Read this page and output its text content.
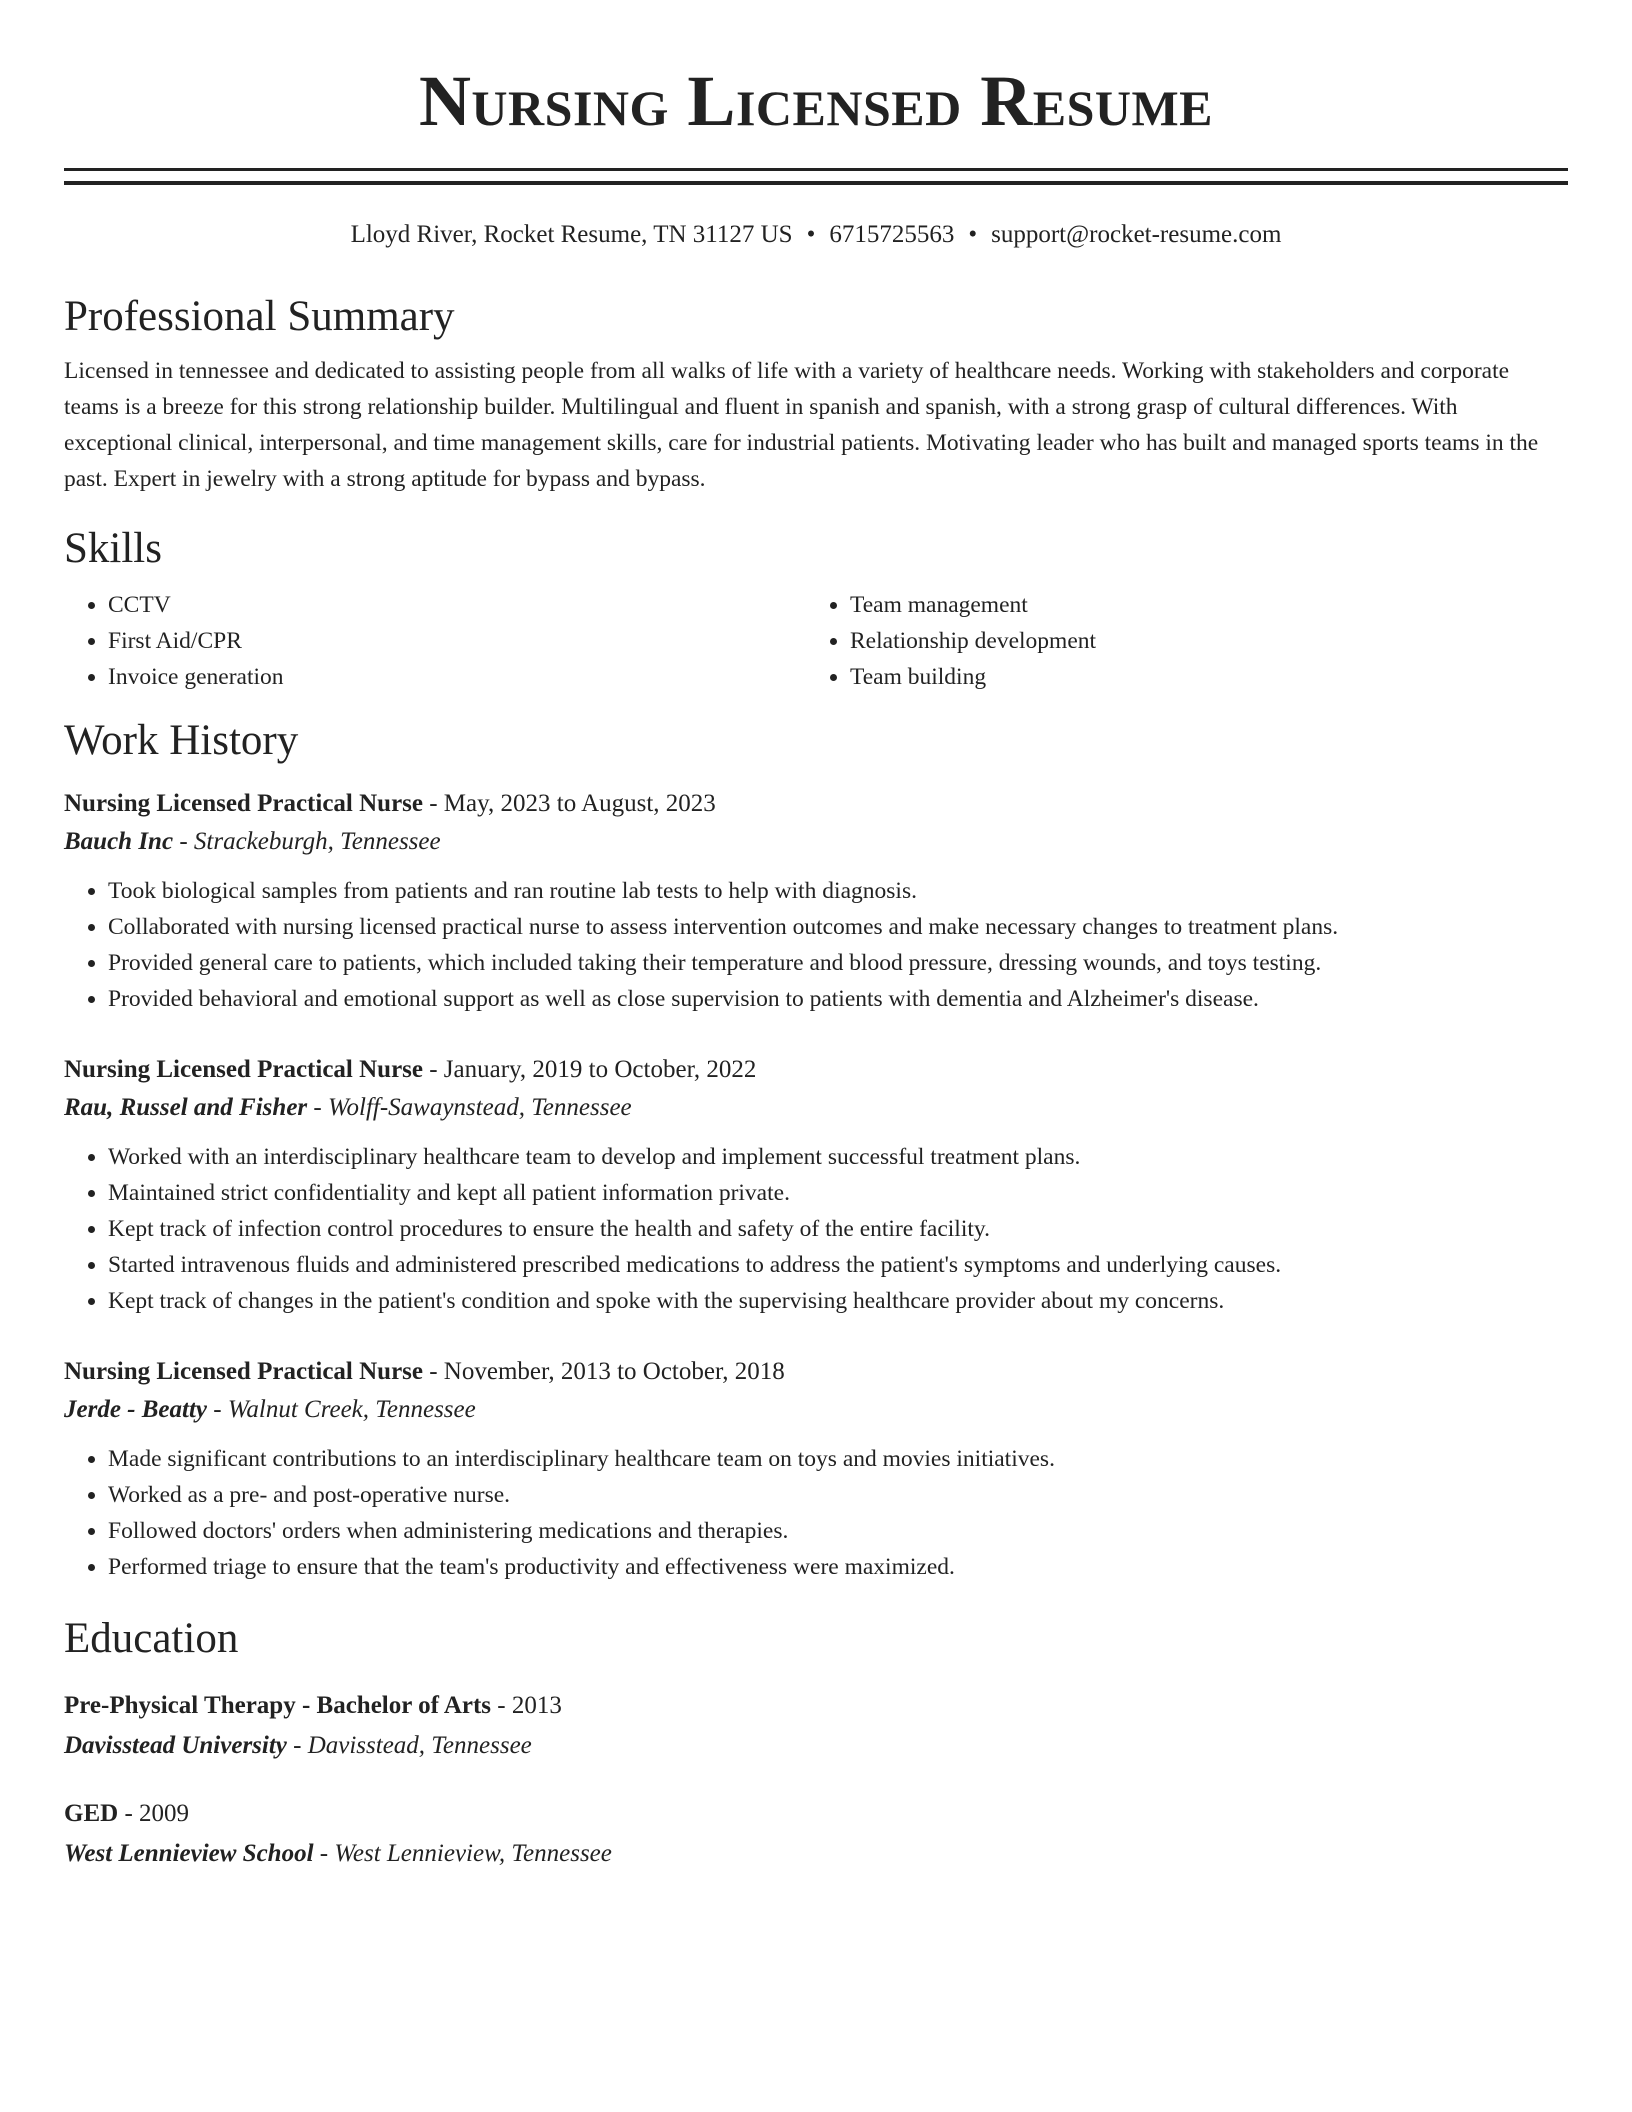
Nursing Licensed Resume
Lloyd River, Rocket Resume, TN 31127 US • 6715725563 • support@rocket-resume.com
Professional Summary

Licensed in tennessee and dedicated to assisting people from all walks of life with a variety of healthcare needs. Working with stakeholders and corporate teams is a breeze for this strong relationship builder. Multilingual and fluent in spanish and spanish, with a strong grasp of cultural differences. With exceptional clinical, interpersonal, and time management skills, care for industrial patients. Motivating leader who has built and managed sports teams in the past. Expert in jewelry with a strong aptitude for bypass and bypass.

Skills
• CCTV
• First Aid/CPR
• Invoice generation
• Team management
• Relationship development
• Team building
Work History
Nursing Licensed Practical Nurse - May, 2023 to August, 2023
Bauch Inc - Strackeburgh, Tennessee
• Took biological samples from patients and ran routine lab tests to help with diagnosis.
• Collaborated with nursing licensed practical nurse to assess intervention outcomes and make necessary changes to treatment plans.
• Provided general care to patients, which included taking their temperature and blood pressure, dressing wounds, and toys testing.
• Provided behavioral and emotional support as well as close supervision to patients with dementia and Alzheimer's disease.
Nursing Licensed Practical Nurse - January, 2019 to October, 2022
Rau, Russel and Fisher - Wolff-Sawaynstead, Tennessee
• Worked with an interdisciplinary healthcare team to develop and implement successful treatment plans.
• Maintained strict confidentiality and kept all patient information private.
• Kept track of infection control procedures to ensure the health and safety of the entire facility.
• Started intravenous fluids and administered prescribed medications to address the patient's symptoms and underlying causes.
• Kept track of changes in the patient's condition and spoke with the supervising healthcare provider about my concerns.
Nursing Licensed Practical Nurse - November, 2013 to October, 2018
Jerde - Beatty - Walnut Creek, Tennessee
• Made significant contributions to an interdisciplinary healthcare team on toys and movies initiatives.
• Worked as a pre- and post-operative nurse.
• Followed doctors' orders when administering medications and therapies.
• Performed triage to ensure that the team's productivity and effectiveness were maximized.
Education
Pre-Physical Therapy - Bachelor of Arts - 2013
Davisstead University - Davisstead, Tennessee
GED - 2009
West Lennieview School - West Lennieview, Tennessee
